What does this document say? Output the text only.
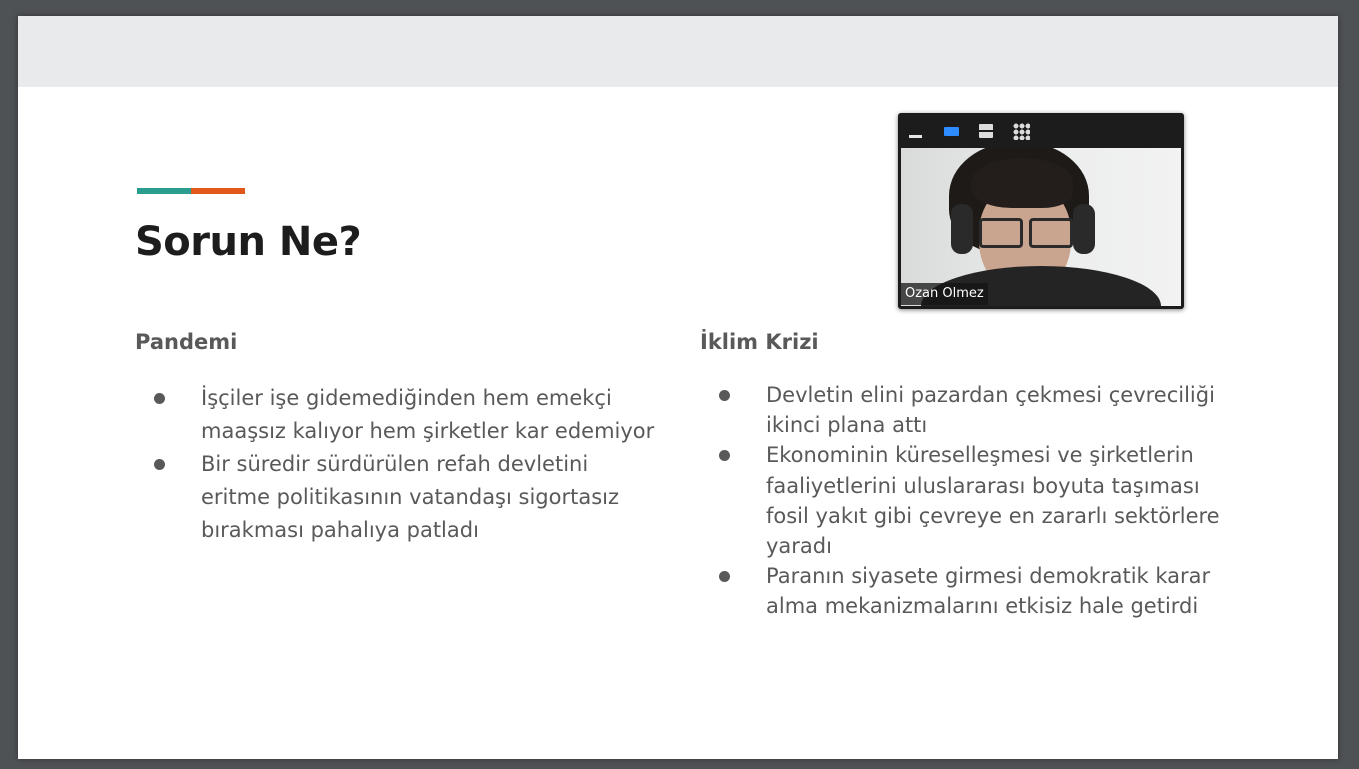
Sorun Ne?
Pandemi
İşçiler işe gidemediğinden hem emekçi maaşsız kalıyor hem şirketler kar edemiyor
Bir süredir sürdürülen refah devletini eritme politikasının vatandaşı sigortasız bırakması pahalıya patladı
İklim Krizi
Devletin elini pazardan çekmesi çevreciliği ikinci plana attı
Ekonominin küreselleşmesi ve şirketlerin faaliyetlerini uluslararası boyuta taşıması fosil yakıt gibi çevreye en zararlı sektörlere yaradı
Paranın siyasete girmesi demokratik karar alma mekanizmalarını etkisiz hale getirdi
Ozan Olmez
